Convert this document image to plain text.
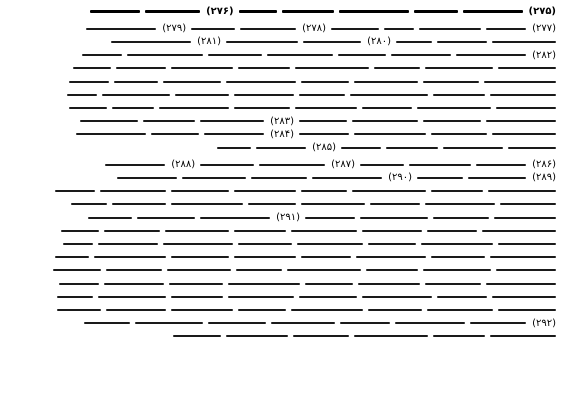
(۲۷۵)
(۲۷۶)
(۲۷۷)
(۲۷۸)
(۲۷۹)
(۲۸۰)
(۲۸۱)
(۲۸۲)
(۲۸۳)
(۲۸۴)
(۲۸۵)
(۲۸۶)
(۲۸۷)
(۲۸۸)
(۲۸۹)
(۲۹۰)
(۲۹۱)
(۲۹۲)
